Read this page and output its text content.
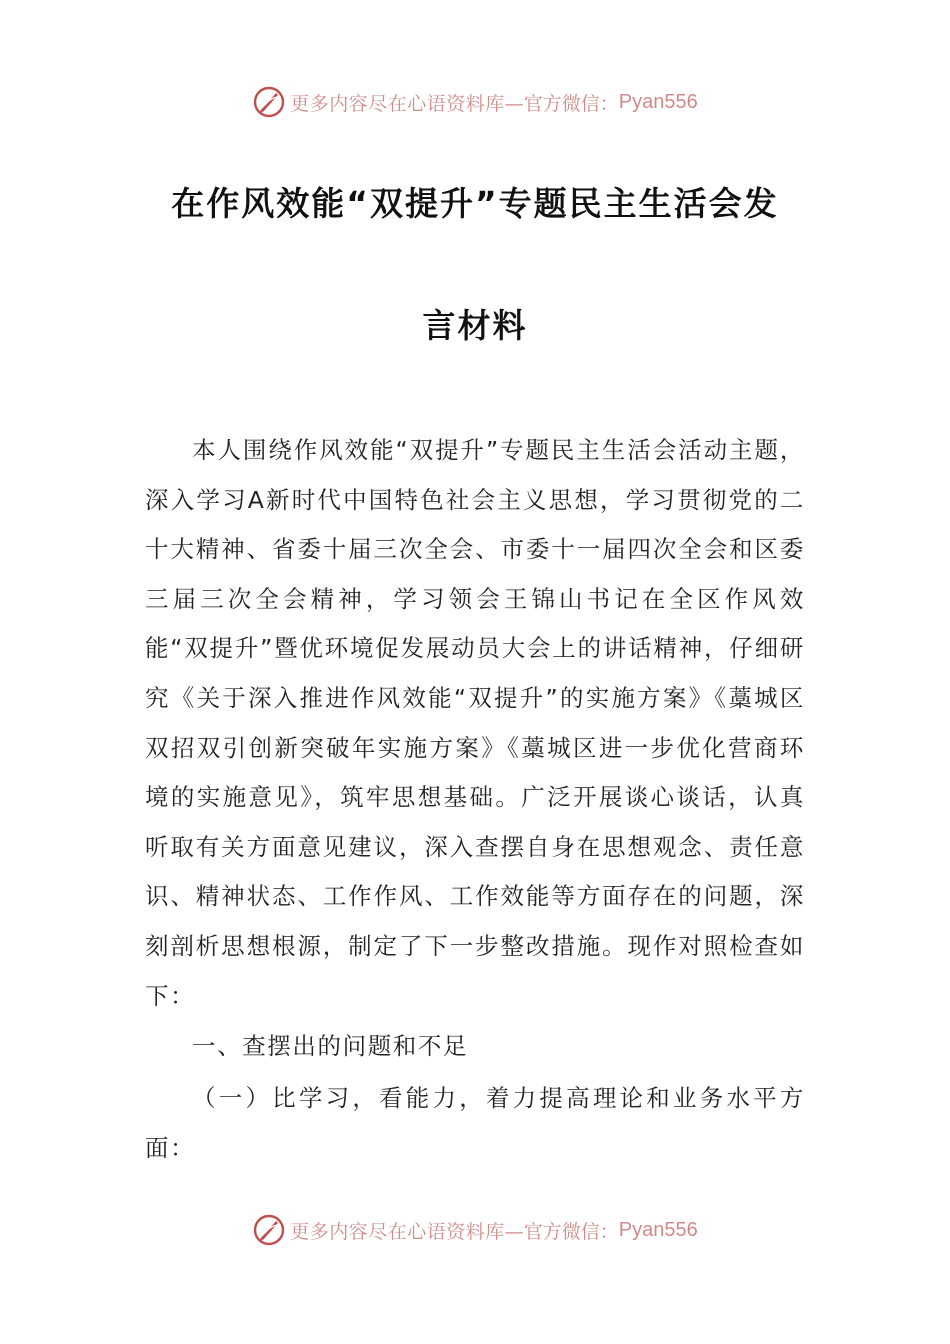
更多内容尽在心语资料库 —官方微信： Pyan556
在作风效能“双提升”专题民主生活会发
言材料

本人围绕作风效能“双提升”专题民主生活会活动主题，深入学习A新时代中国特色社会主义思想，学习贯彻党的二十大精神、省委十届三次全会、市委十一届四次全会和区委三届三次全会精神，学习领会王锦山书记在全区作风效能“双提升”暨优环境促发展动员大会上的讲话精神，仔细研究《关于深入推进作风效能“双提升”的实施方案》《藁城区双招双引创新突破年实施方案》《藁城区进一步优化营商环境的实施意见》，筑牢思想基础。广泛开展谈心谈话，认真听取有关方面意见建议，深入查摆自身在思想观念、责任意识、精神状态、工作作风、工作效能等方面存在的问题，深刻剖析思想根源，制定了下一步整改措施。现作对照检查如下：

一、查摆出的问题和不足

（一）比学习，看能力，着力提高理论和业务水平方面：

更多内容尽在心语资料库 —官方微信： Pyan556
